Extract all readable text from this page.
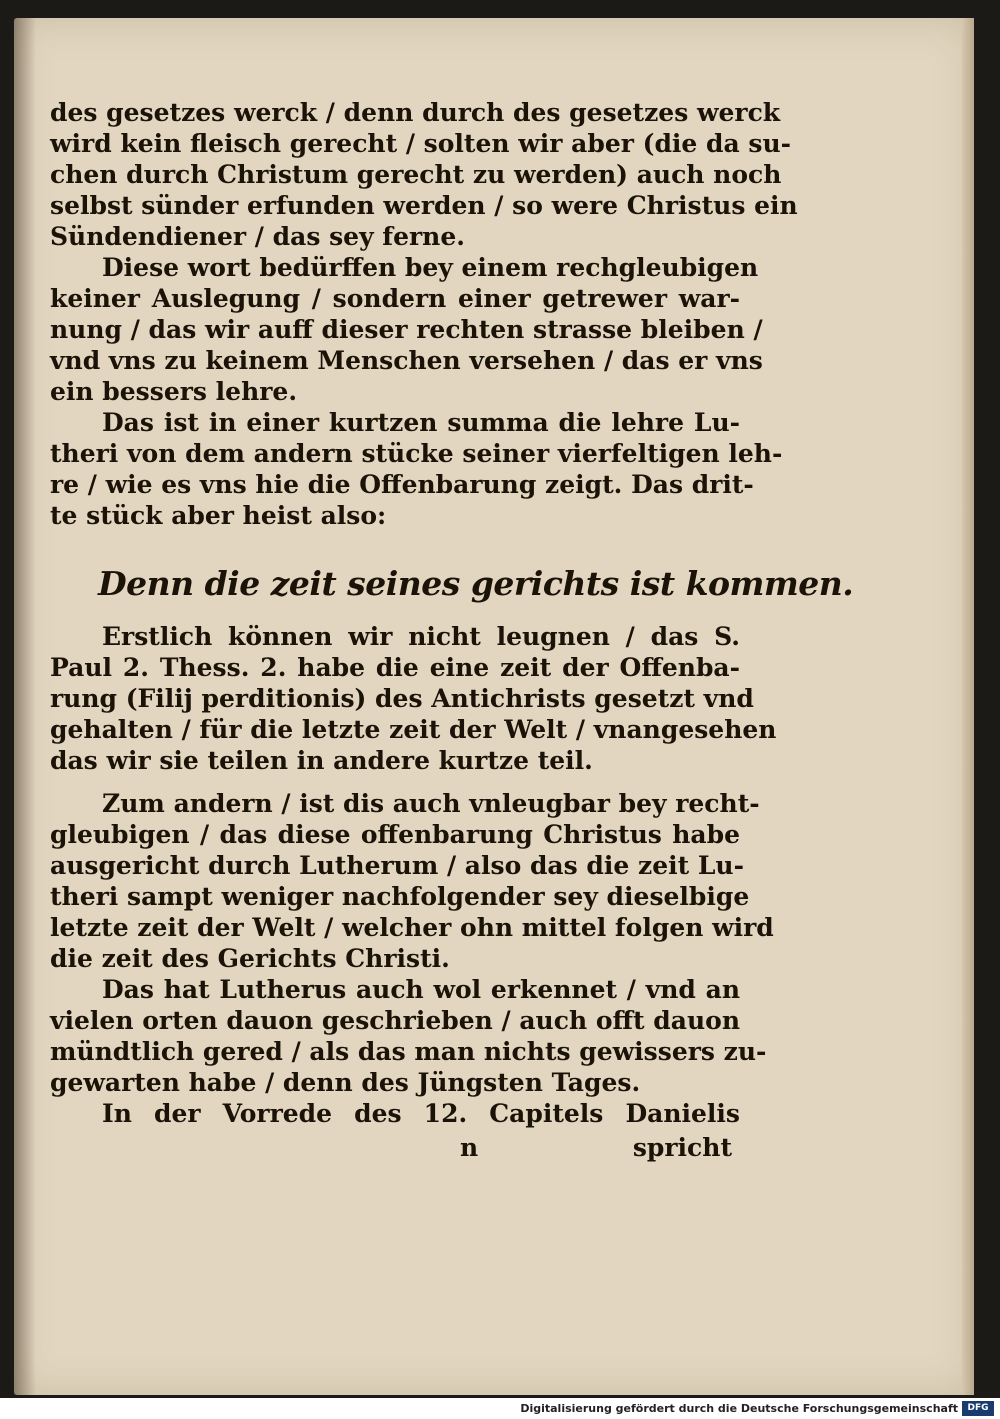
des gesetzes werck / denn durch des gesetzes werck
wird kein fleisch gerecht / solten wir aber (die da su-
chen durch Christum gerecht zu werden) auch noch
selbst sünder erfunden werden / so were Christus ein
Sündendiener / das sey ferne.
Diese wort bedürffen bey einem rechgleubigen
keiner Auslegung / sondern einer getrewer war-
nung / das wir auff dieser rechten strasse bleiben /
vnd vns zu keinem Menschen versehen / das er vns
ein bessers lehre.
Das ist in einer kurtzen summa die lehre Lu-
theri von dem andern stücke seiner vierfeltigen leh-
re / wie es vns hie die Offenbarung zeigt. Das drit-
te stück aber heist also:
Denn die zeit seines gerichts ist kommen.
Erstlich können wir nicht leugnen / das S.
Paul 2. Thess. 2. habe die eine zeit der Offenba-
rung (Filij perditionis) des Antichrists gesetzt vnd
gehalten / für die letzte zeit der Welt / vnangesehen
das wir sie teilen in andere kurtze teil.
Zum andern / ist dis auch vnleugbar bey recht-
gleubigen / das diese offenbarung Christus habe
ausgericht durch Lutherum / also das die zeit Lu-
theri sampt weniger nachfolgender sey dieselbige
letzte zeit der Welt / welcher ohn mittel folgen wird
die zeit des Gerichts Christi.
Das hat Lutherus auch wol erkennet / vnd an
vielen orten dauon geschrieben / auch offt dauon
mündtlich gered / als das man nichts gewissers zu-
gewarten habe / denn des Jüngsten Tages.
In der Vorrede des 12. Capitels Danielis
n	spricht
Digitalisierung gefördert durch die Deutsche Forschungsgemeinschaft	DFG
